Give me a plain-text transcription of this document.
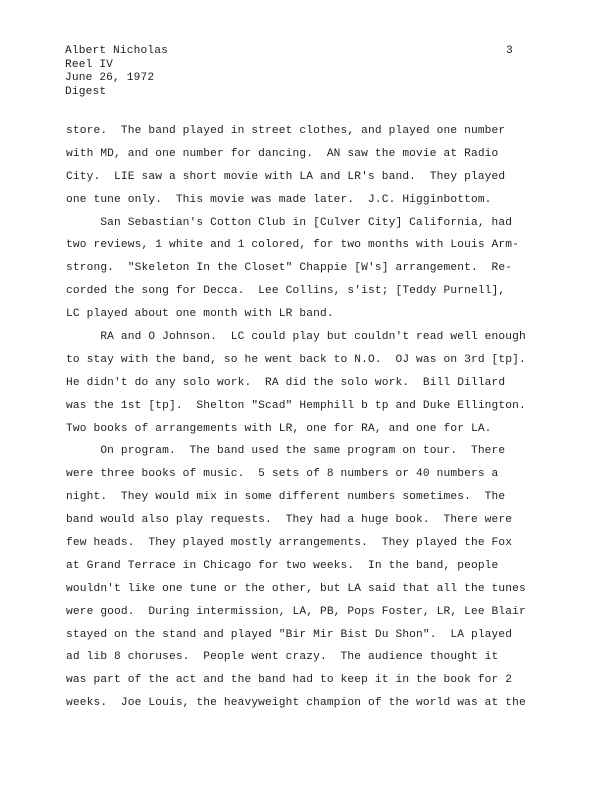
Albert Nicholas
Reel IV
June 26, 1972
Digest
3
store.  The band played in street clothes, and played one number
with MD, and one number for dancing.  AN saw the movie at Radio
City.  LIE saw a short movie with LA and LR's band.  They played
one tune only.  This movie was made later.  J.C. Higginbottom.
San Sebastian's Cotton Club in [Culver City] California, had
two reviews, 1 white and 1 colored, for two months with Louis Arm-
strong.  "Skeleton In the Closet" Chappie [W's] arrangement.  Re-
corded the song for Decca.  Lee Collins, s'ist; [Teddy Purnell],
LC played about one month with LR band.
RA and O Johnson.  LC could play but couldn't read well enough
to stay with the band, so he went back to N.O.  OJ was on 3rd [tp].
He didn't do any solo work.  RA did the solo work.  Bill Dillard
was the 1st [tp].  Shelton "Scad" Hemphill b tp and Duke Ellington.
Two books of arrangements with LR, one for RA, and one for LA.
On program.  The band used the same program on tour.  There
were three books of music.  5 sets of 8 numbers or 40 numbers a
night.  They would mix in some different numbers sometimes.  The
band would also play requests.  They had a huge book.  There were
few heads.  They played mostly arrangements.  They played the Fox
at Grand Terrace in Chicago for two weeks.  In the band, people
wouldn't like one tune or the other, but LA said that all the tunes
were good.  During intermission, LA, PB, Pops Foster, LR, Lee Blair
stayed on the stand and played "Bir Mir Bist Du Shon".  LA played
ad lib 8 choruses.  People went crazy.  The audience thought it
was part of the act and the band had to keep it in the book for 2
weeks.  Joe Louis, the heavyweight champion of the world was at the
